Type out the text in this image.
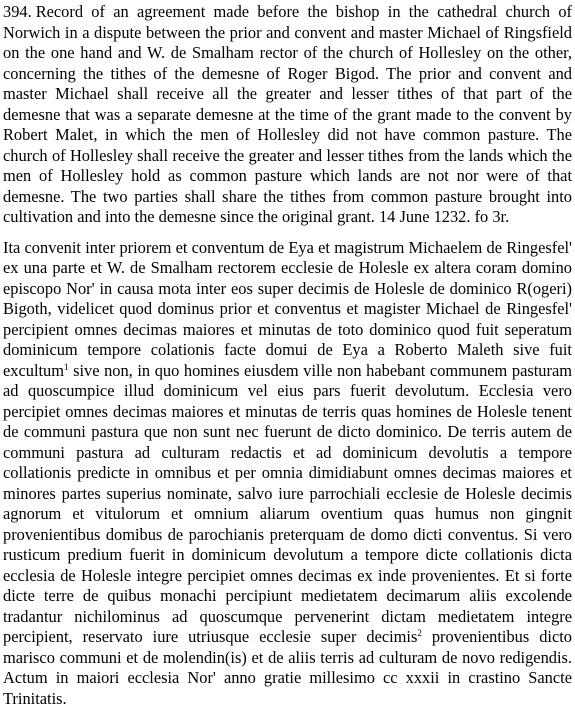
394. Record of an agreement made before the bishop in the cathedral church of Norwich in a dispute between the prior and convent and master Michael of Ringsfield on the one hand and W. de Smalham rector of the church of Hollesley on the other, concerning the tithes of the demesne of Roger Bigod. The prior and convent and master Michael shall receive all the greater and lesser tithes of that part of the demesne that was a separate demesne at the time of the grant made to the convent by Robert Malet, in which the men of Hollesley did not have common pasture. The church of Hollesley shall receive the greater and lesser tithes from the lands which the men of Hollesley hold as common pasture which lands are not nor were of that demesne. The two parties shall share the tithes from common pasture brought into cultivation and into the demesne since the original grant. 14 June 1232. fo 3r.

Ita convenit inter priorem et conventum de Eya et magistrum Michaelem de Ringesfel' ex una parte et W. de Smalham rectorem ecclesie de Holesle ex altera coram domino episcopo Nor' in causa mota inter eos super decimis de Holesle de dominico R(ogeri) Bigoth, videlicet quod dominus prior et conventus et magister Michael de Ringesfel' percipient omnes decimas maiores et minutas de toto dominico quod fuit seperatum dominicum tempore colationis facte domui de Eya a Roberto Maleth sive fuit excultum$^1$ sive non, in quo homines eiusdem ville non habebant communem pasturam ad quoscumpice illud dominicum vel eius pars fuerit devolutum. Ecclesia vero percipiet omnes decimas maiores et minutas de terris quas homines de Holesle tenent de communi pastura que non sunt nec fuerunt de dicto dominico. De terris autem de communi pastura ad culturam redactis et ad dominicum devolutis a tempore collationis predicte in omnibus et per omnia dimidiabunt omnes decimas maiores et minores partes superius nominate, salvo iure parrochiali ecclesie de Holesle decimis agnorum et vitulorum et omnium aliarum oventium quas humus non gingnit provenientibus domibus de parochianis preterquam de domo dicti conventus. Si vero rusticum predium fuerit in dominicum devolutum a tempore dicte collationis dicta ecclesia de Holesle integre percipiet omnes decimas ex inde provenientes. Et si forte dicte terre de quibus monachi percipiunt medietatem decimarum aliis excolende tradantur nichilominus ad quoscumque pervenerint dictam medietatem integre percipient, reservato iure utriusque ecclesie super decimis$^2$ provenientibus dicto marisco communi et de molendin(is) et de aliis terris ad culturam de novo redigendis. Actum in maiori ecclesia Nor' anno gratie millesimo cc xxxii in crastino Sancte Trinitatis.
